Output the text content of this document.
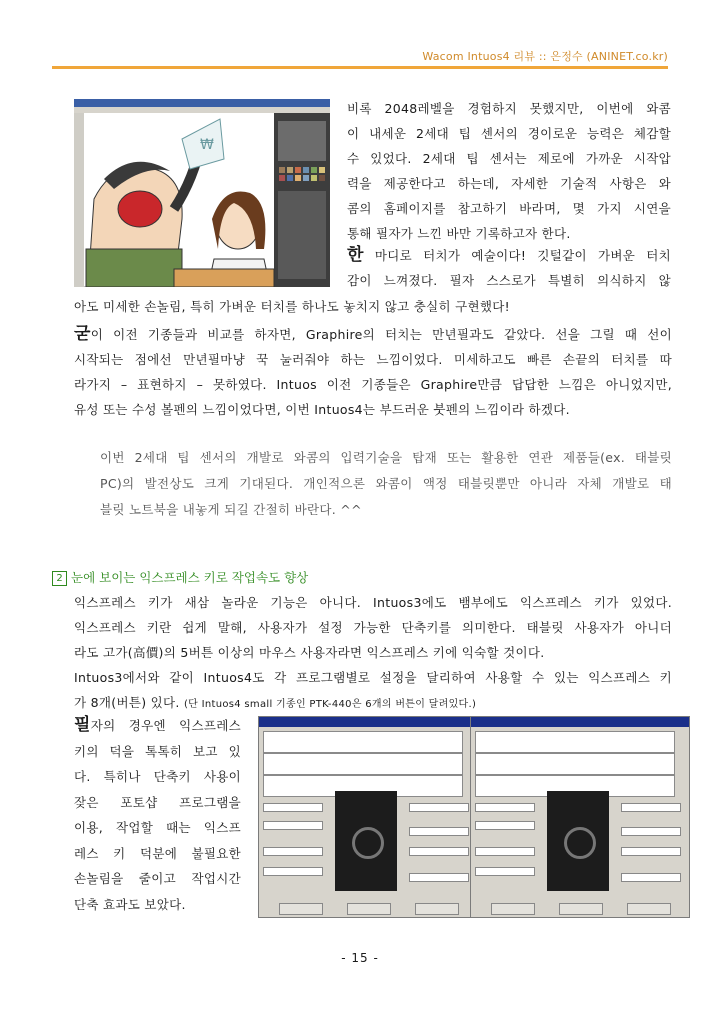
Wacom Intuos4 리뷰 :: 은정수 (ANINET.co.kr)
₩
비록 2048레벨을 경험하지 못했지만, 이번에 와콤
이 내세운 2세대 팁 센서의 경이로운 능력은 체감할
수 있었다. 2세대 팁 센서는 제로에 가까운 시작압
력을 제공한다고 하는데, 자세한 기술적 사항은 와
콤의 홈페이지를 참고하기 바라며, 몇 가지 시연을
통해 필자가 느낀 바만 기록하고자 한다.
한 마디로 터치가 예술이다! 깃털같이 가벼운 터치
감이 느껴졌다. 필자 스스로가 특별히 의식하지 않
아도 미세한 손놀림, 특히 가벼운 터치를 하나도 놓치지 않고 충실히 구현했다!
굳이 이전 기종들과 비교를 하자면, Graphire의 터치는 만년필과도 같았다. 선을 그릴 때 선이
시작되는 점에선 만년필마냥 꾹 눌러줘야 하는 느낌이었다. 미세하고도 빠른 손끝의 터치를 따
라가지 – 표현하지 – 못하였다. Intuos 이전 기종들은 Graphire만큼 답답한 느낌은 아니었지만,
유성 또는 수성 볼펜의 느낌이었다면, 이번 Intuos4는 부드러운 붓펜의 느낌이라 하겠다.
이번 2세대 팁 센서의 개발로 와콤의 입력기술을 탑재 또는 활용한 연관 제품들(ex. 태블릿
PC)의 발전상도 크게 기대된다. 개인적으론 와콤이 액정 태블릿뿐만 아니라 자체 개발로 태
블릿 노트북을 내놓게 되길 간절히 바란다. ^^
2 눈에 보이는 익스프레스 키로 작업속도 향상
익스프레스 키가 새삼 놀라운 기능은 아니다. Intuos3에도 뱀부에도 익스프레스 키가 있었다.
익스프레스 키란 쉽게 말해, 사용자가 설정 가능한 단축키를 의미한다. 태블릿 사용자가 아니더
라도 고가(高價)의 5버튼 이상의 마우스 사용자라면 익스프레스 키에 익숙할 것이다.
Intuos3에서와 같이 Intuos4도 각 프로그램별로 설정을 달리하여 사용할 수 있는 익스프레스 키
가 8개(버튼) 있다. (단 Intuos4 small 기종인 PTK-440은 6개의 버튼이 달려있다.)
필자의 경우엔 익스프레스
키의 덕을 톡톡히 보고 있
다. 특히나 단축키 사용이
잦은 포토샵 프로그램을
이용, 작업할 때는 익스프
레스 키 덕분에 불필요한
손놀림을 줄이고 작업시간
단축 효과도 보았다.
- 15 -
